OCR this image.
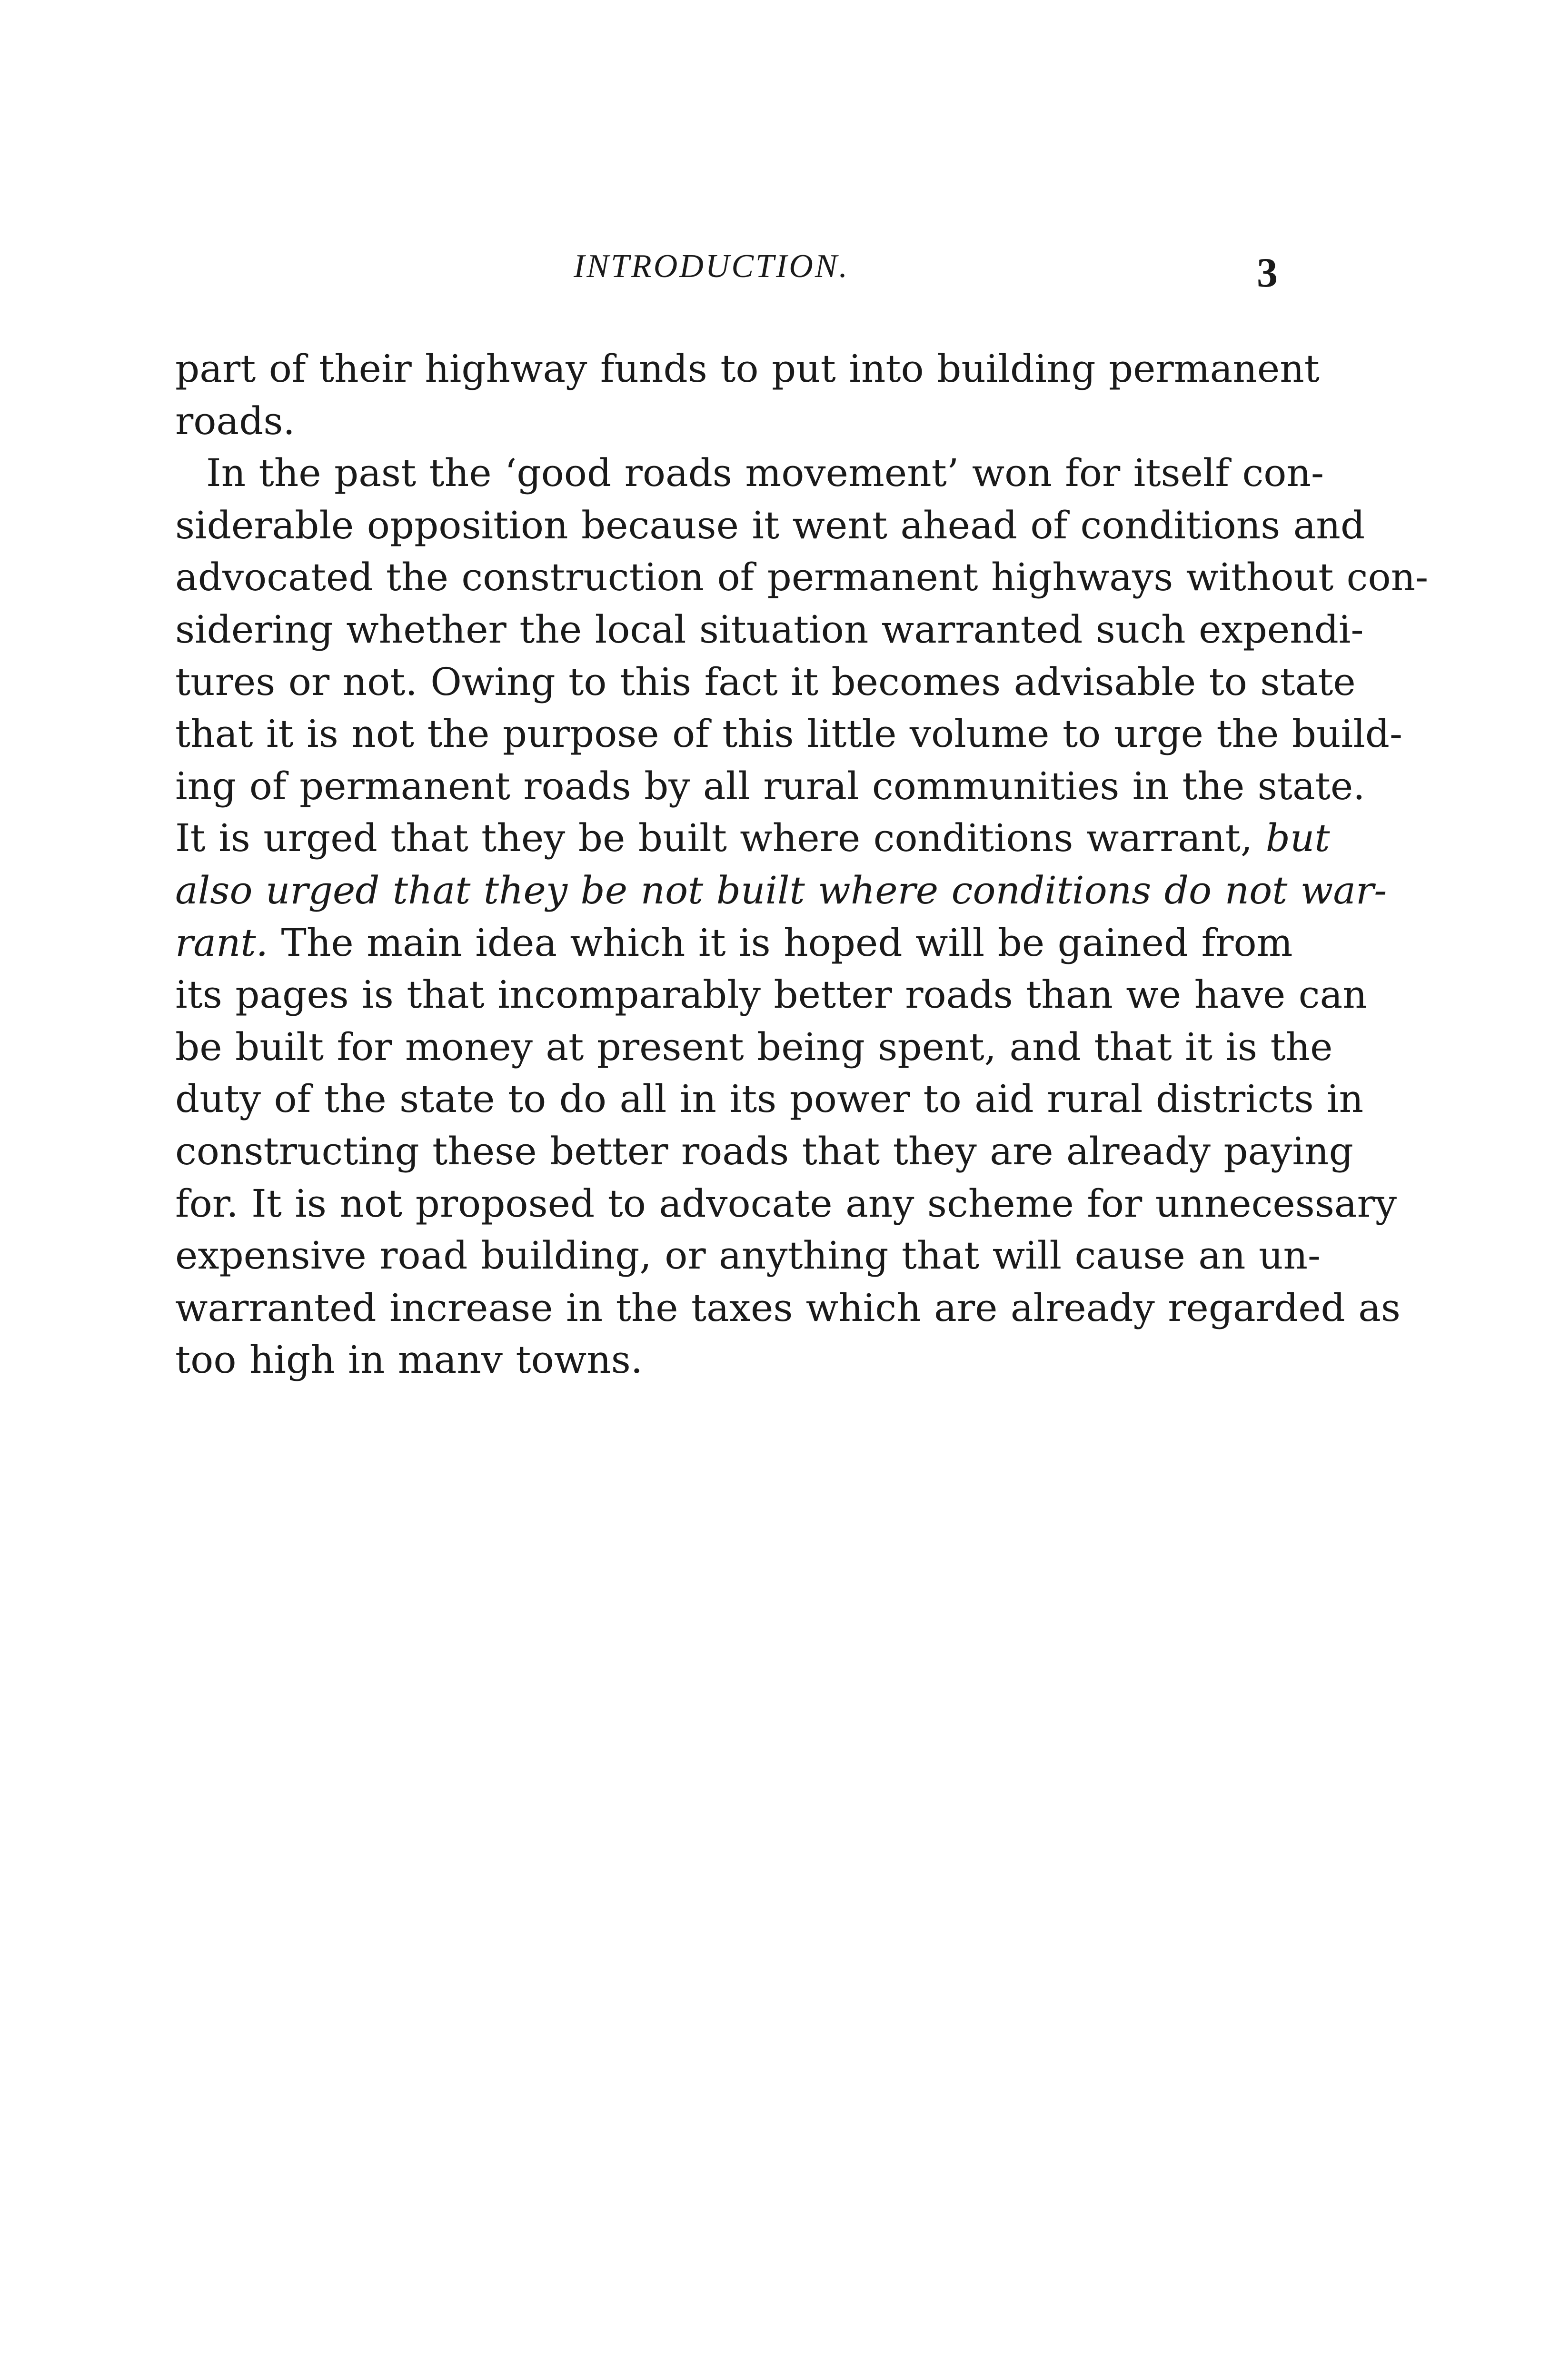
INTRODUCTION.	3
part of their highway funds to put into building permanent
roads.
In the past the ‘good roads movement’ won for itself con-
siderable opposition because it went ahead of conditions and
advocated the construction of permanent highways without con-
sidering whether the local situation warranted such expendi-
tures or not. Owing to this fact it becomes advisable to state
that it is not the purpose of this little volume to urge the build-
ing of permanent roads by all rural communities in the state.
It is urged that they be built where conditions warrant, but
also urged that they be not built where conditions do not war-
rant. The main idea which it is hoped will be gained from
its pages is that incomparably better roads than we have can
be built for money at present being spent, and that it is the
duty of the state to do all in its power to aid rural districts in
constructing these better roads that they are already paying
for. It is not proposed to advocate any scheme for unnecessary
expensive road building, or anything that will cause an un-
warranted increase in the taxes which are already regarded as
too high in manv towns.
